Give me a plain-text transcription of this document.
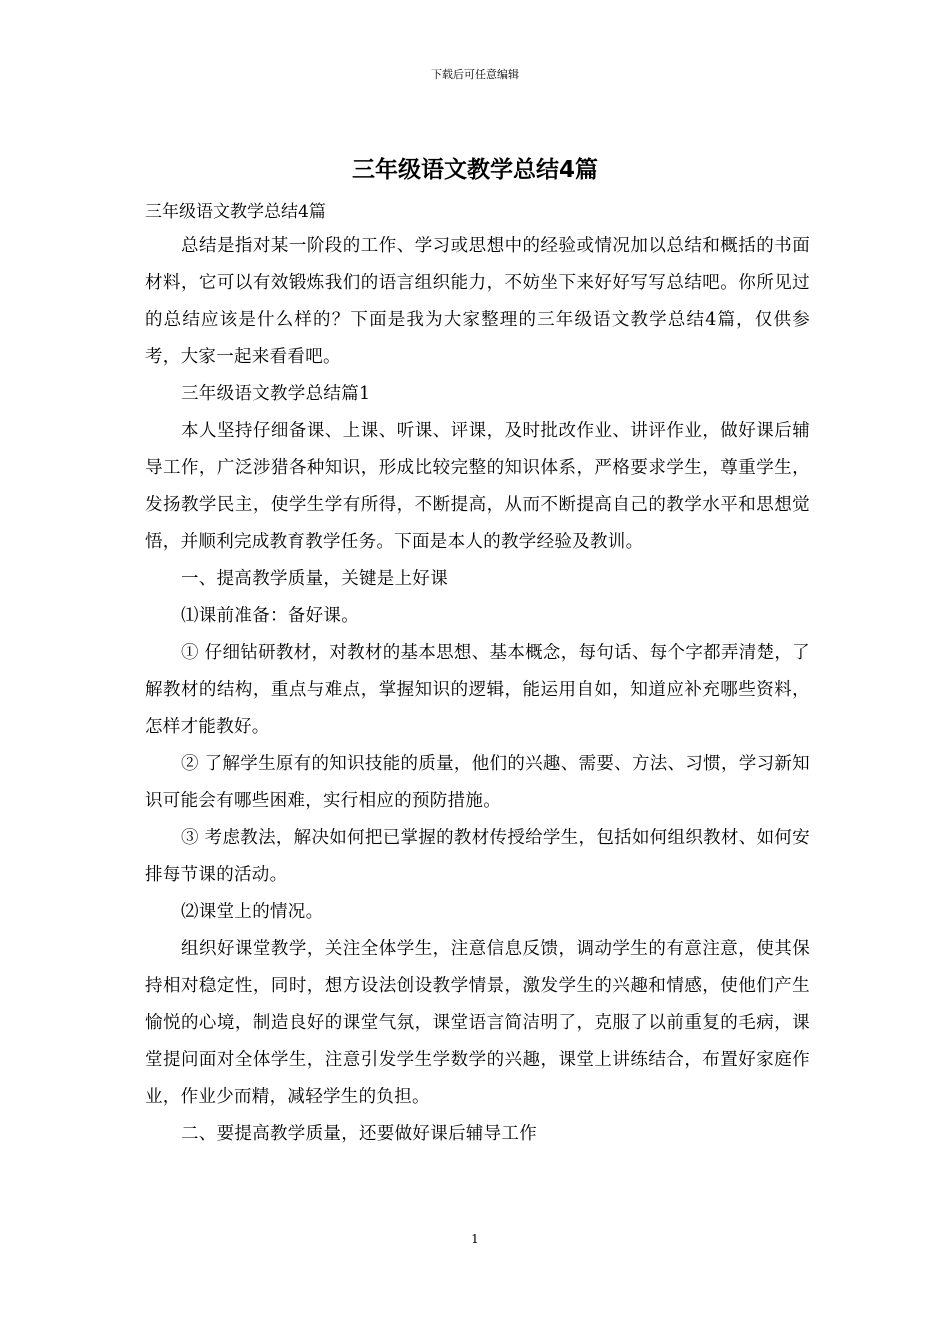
下载后可任意编辑
三年级语文教学总结4篇

三年级语文教学总结4篇

总结是指对某一阶段的工作、学习或思想中的经验或情况加以总结和概括的书面材料，它可以有效锻炼我们的语言组织能力，不妨坐下来好好写写总结吧。你所见过的总结应该是什么样的？下面是我为大家整理的三年级语文教学总结4篇，仅供参考，大家一起来看看吧。

三年级语文教学总结篇1

本人坚持仔细备课、上课、听课、评课，及时批改作业、讲评作业，做好课后辅导工作，广泛涉猎各种知识，形成比较完整的知识体系，严格要求学生，尊重学生，发扬教学民主，使学生学有所得，不断提高，从而不断提高自己的教学水平和思想觉悟，并顺利完成教育教学任务。下面是本人的教学经验及教训。

一、提高教学质量，关键是上好课

⑴课前准备：备好课。

① 仔细钻研教材，对教材的基本思想、基本概念，每句话、每个字都弄清楚，了解教材的结构，重点与难点，掌握知识的逻辑，能运用自如，知道应补充哪些资料，怎样才能教好。

② 了解学生原有的知识技能的质量，他们的兴趣、需要、方法、习惯，学习新知识可能会有哪些困难，实行相应的预防措施。

③ 考虑教法，解决如何把已掌握的教材传授给学生，包括如何组织教材、如何安排每节课的活动。

⑵课堂上的情况。

组织好课堂教学，关注全体学生，注意信息反馈，调动学生的有意注意，使其保持相对稳定性，同时，想方设法创设教学情景，激发学生的兴趣和情感，使他们产生愉悦的心境，制造良好的课堂气氛，课堂语言简洁明了，克服了以前重复的毛病，课堂提问面对全体学生，注意引发学生学数学的兴趣，课堂上讲练结合，布置好家庭作业，作业少而精，减轻学生的负担。

二、要提高教学质量，还要做好课后辅导工作

1
